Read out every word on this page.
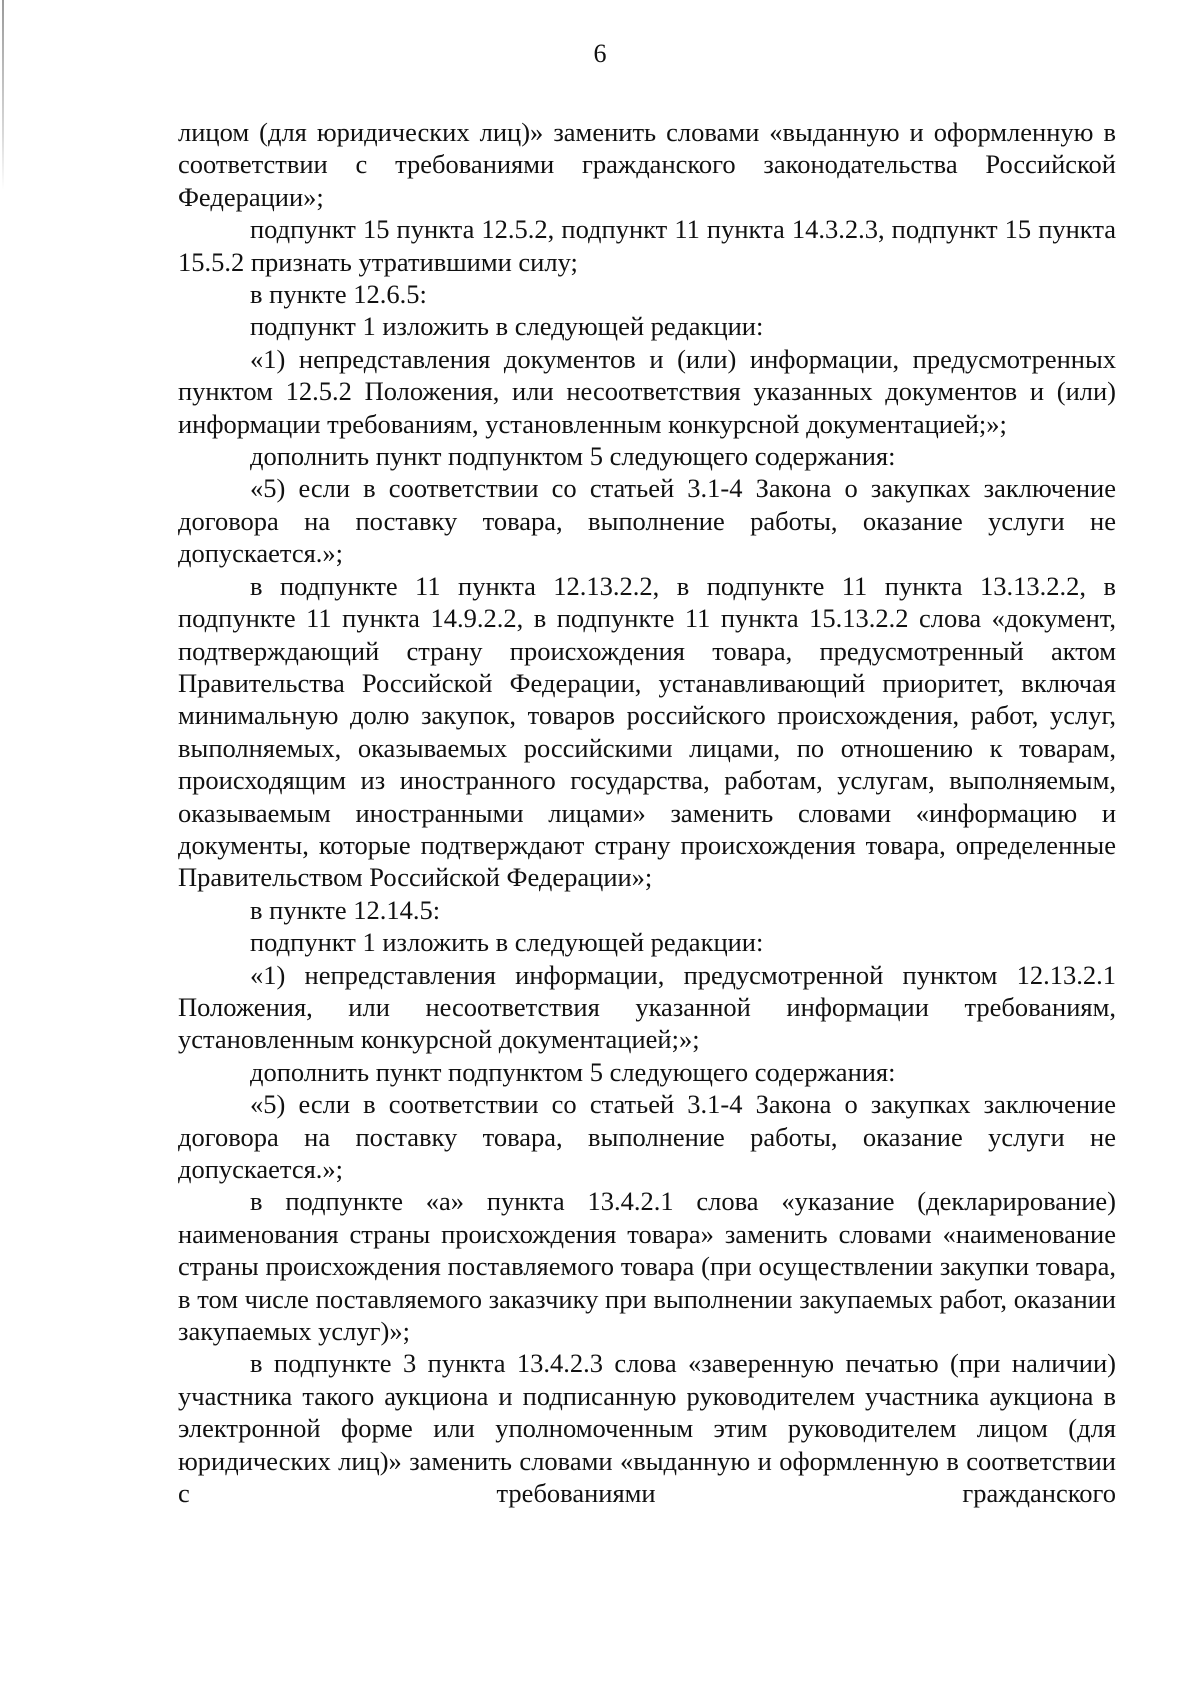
6

лицом (для юридических лиц)» заменить словами «выданную и оформленную в соответствии с требованиями гражданского законодательства Российской Федерации»;

подпункт 15 пункта 12.5.2, подпункт 11 пункта 14.3.2.3, подпункт 15 пункта 15.5.2 признать утратившими силу;

в пункте 12.6.5:

подпункт 1 изложить в следующей редакции:

«1) непредставления документов и (или) информации, предусмотренных пунктом 12.5.2 Положения, или несоответствия указанных документов и (или) информации требованиям, установленным конкурсной документацией;»;

дополнить пункт подпунктом 5 следующего содержания:

«5) если в соответствии со статьей 3.1-4 Закона о закупках заключение договора на поставку товара, выполнение работы, оказание услуги не допускается.»;

в подпункте 11 пункта 12.13.2.2, в подпункте 11 пункта 13.13.2.2, в подпункте 11 пункта 14.9.2.2, в подпункте 11 пункта 15.13.2.2 слова «документ, подтверждающий страну происхождения товара, предусмотренный актом Правительства Российской Федерации, устанавливающий приоритет, включая минимальную долю закупок, товаров российского происхождения, работ, услуг, выполняемых, оказываемых российскими лицами, по отношению к товарам, происходящим из иностранного государства, работам, услугам, выполняемым, оказываемым иностранными лицами» заменить словами «информацию и документы, которые подтверждают страну происхождения товара, определенные Правительством Российской Федерации»;

в пункте 12.14.5:

подпункт 1 изложить в следующей редакции:

«1) непредставления информации, предусмотренной пунктом 12.13.2.1 Положения, или несоответствия указанной информации требованиям, установленным конкурсной документацией;»;

дополнить пункт подпунктом 5 следующего содержания:

«5) если в соответствии со статьей 3.1-4 Закона о закупках заключение договора на поставку товара, выполнение работы, оказание услуги не допускается.»;

в подпункте «а» пункта 13.4.2.1 слова «указание (декларирование) наименования страны происхождения товара» заменить словами «наименование страны происхождения поставляемого товара (при осуществлении закупки товара, в том числе поставляемого заказчику при выполнении закупаемых работ, оказании закупаемых услуг)»;

в подпункте 3 пункта 13.4.2.3 слова «заверенную печатью (при наличии) участника такого аукциона и подписанную руководителем участника аукциона в электронной форме или уполномоченным этим руководителем лицом (для юридических лиц)» заменить словами «выданную и оформленную в соответствии с требованиями гражданского
